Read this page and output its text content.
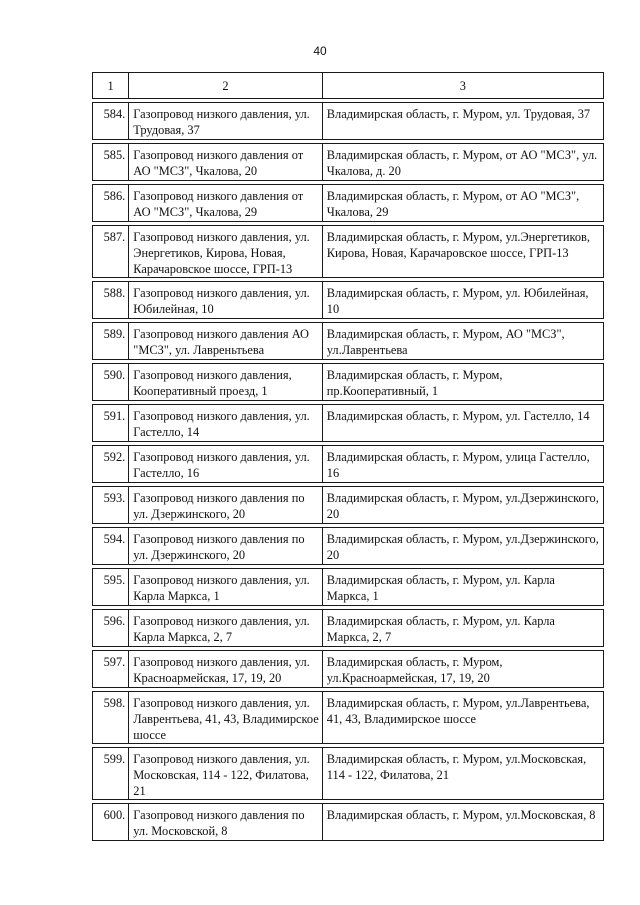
40
1	2	3

584.	Газопровод низкого давления, ул. Трудовая, 37	Владимирская область, г. Муром, ул. Трудовая, 37

585.	Газопровод низкого давления от АО "МСЗ", Чкалова, 20	Владимирская область, г. Муром, от АО "МСЗ", ул. Чкалова, д. 20

586.	Газопровод низкого давления от АО "МСЗ", Чкалова, 29	Владимирская область, г. Муром, от АО "МСЗ", Чкалова, 29

587.	Газопровод низкого давления, ул. Энергетиков, Кирова, Новая, Карачаровское шоссе, ГРП-13	Владимирская область, г. Муром, ул.Энергетиков, Кирова, Новая, Карачаровское шоссе, ГРП-13

588.	Газопровод низкого давления, ул. Юбилейная, 10	Владимирская область, г. Муром, ул. Юбилейная, 10

589.	Газопровод низкого давления АО "МСЗ", ул. Лавреньтьева	Владимирская область, г. Муром, АО "МСЗ", ул.Лаврентьева

590.	Газопровод низкого давления, Кооперативный проезд, 1	Владимирская область, г. Муром, пр.Кооперативный, 1

591.	Газопровод низкого давления, ул. Гастелло, 14	Владимирская область, г. Муром, ул. Гастелло, 14

592.	Газопровод низкого давления, ул. Гастелло, 16	Владимирская область, г. Муром, улица Гастелло, 16

593.	Газопровод низкого давления по ул. Дзержинского, 20	Владимирская область, г. Муром, ул.Дзержинского, 20

594.	Газопровод низкого давления по ул. Дзержинского, 20	Владимирская область, г. Муром, ул.Дзержинского, 20

595.	Газопровод низкого давления, ул. Карла Маркса, 1	Владимирская область, г. Муром, ул. Карла Маркса, 1

596.	Газопровод низкого давления, ул. Карла Маркса, 2, 7	Владимирская область, г. Муром, ул. Карла Маркса, 2, 7

597.	Газопровод низкого давления, ул. Красноармейская, 17, 19, 20	Владимирская область, г. Муром, ул.Красноармейская, 17, 19, 20

598.	Газопровод низкого давления, ул. Лаврентьева, 41, 43, Владимирское шоссе	Владимирская область, г. Муром, ул.Лаврентьева, 41, 43, Владимирское шоссе

599.	Газопровод низкого давления, ул. Московская, 114 - 122, Филатова, 21	Владимирская область, г. Муром, ул.Московская, 114 - 122, Филатова, 21

600.	Газопровод низкого давления по ул. Московской, 8	Владимирская область, г. Муром, ул.Московская, 8
